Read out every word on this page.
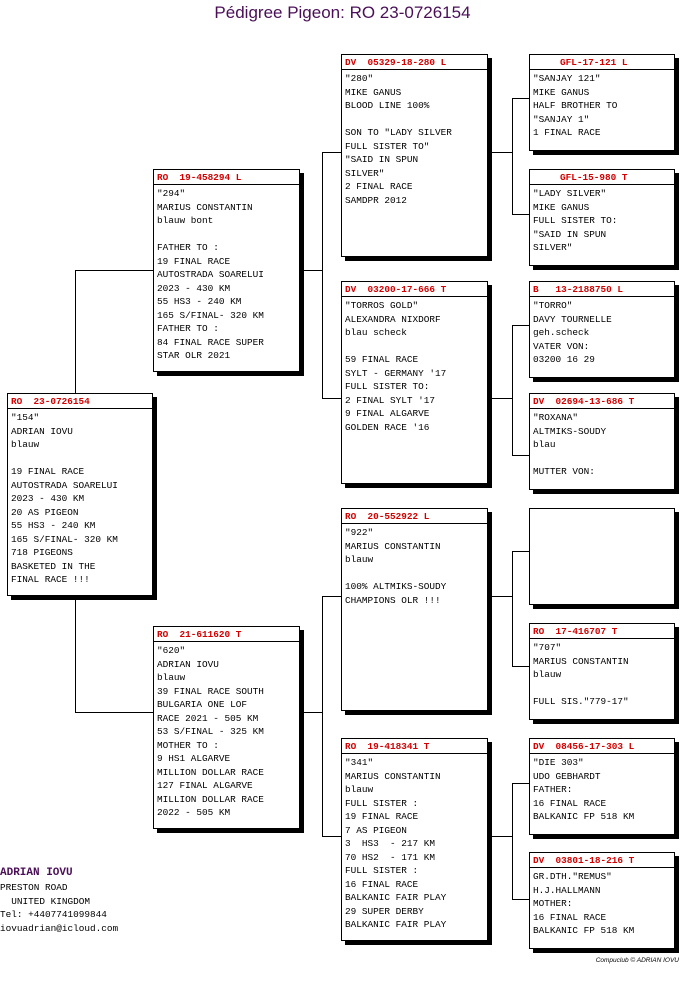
Pédigree Pigeon: RO 23-0726154
RO  23-0726154
"154"
ADRIAN IOVU
blauw

19 FINAL RACE
AUTOSTRADA SOARELUI
2023 - 430 KM
20 AS PIGEON
55 HS3 - 240 KM
165 S/FINAL- 320 KM
718 PIGEONS
BASKETED IN THE
FINAL RACE !!!
RO  19-458294 L
"294"
MARIUS CONSTANTIN
blauw bont

FATHER TO :
19 FINAL RACE
AUTOSTRADA SOARELUI
2023 - 430 KM
55 HS3 - 240 KM
165 S/FINAL- 320 KM
FATHER TO :
84 FINAL RACE SUPER
STAR OLR 2021
RO  21-611620 T
"620"
ADRIAN IOVU
blauw
39 FINAL RACE SOUTH
BULGARIA ONE LOF
RACE 2021 - 505 KM
53 S/FINAL - 325 KM
MOTHER TO :
9 HS1 ALGARVE
MILLION DOLLAR RACE
127 FINAL ALGARVE
MILLION DOLLAR RACE
2022 - 505 KM
DV  05329-18-280 L
"280"
MIKE GANUS
BLOOD LINE 100%

SON TO "LADY SILVER
FULL SISTER TO"
"SAID IN SPUN
SILVER"
2 FINAL RACE
SAMDPR 2012
DV  03200-17-666 T
"TORROS GOLD"
ALEXANDRA NIXDORF
blau scheck

59 FINAL RACE
SYLT - GERMANY '17
FULL SISTER TO:
2 FINAL SYLT '17
9 FINAL ALGARVE
GOLDEN RACE '16
RO  20-552922 L
"922"
MARIUS CONSTANTIN
blauw

100% ALTMIKS-SOUDY
CHAMPIONS OLR !!!
RO  19-418341 T
"341"
MARIUS CONSTANTIN
blauw
FULL SISTER :
19 FINAL RACE
7 AS PIGEON
3  HS3  - 217 KM
70 HS2  - 171 KM
FULL SISTER :
16 FINAL RACE
BALKANIC FAIR PLAY
29 SUPER DERBY
BALKANIC FAIR PLAY
GFL-17-121 L
"SANJAY 121"
MIKE GANUS
HALF BROTHER TO
"SANJAY 1"
1 FINAL RACE
GFL-15-980 T
"LADY SILVER"
MIKE GANUS
FULL SISTER TO:
"SAID IN SPUN
SILVER"
B   13-2188750 L
"TORRO"
DAVY TOURNELLE
geh.scheck
VATER VON:
03200 16 29
DV  02694-13-686 T
"ROXANA"
ALTMIKS-SOUDY
blau

MUTTER VON:
RO  17-416707 T
"707"
MARIUS CONSTANTIN
blauw

FULL SIS."779-17"
DV  08456-17-303 L
"DIE 303"
UDO GEBHARDT
FATHER:
16 FINAL RACE
BALKANIC FP 518 KM
DV  03801-18-216 T
GR.DTH."REMUS"
H.J.HALLMANN
MOTHER:
16 FINAL RACE
BALKANIC FP 518 KM
ADRIAN IOVU
PRESTON ROAD
UNITED KINGDOM
Tel: +4407741099844
iovuadrian@icloud.com
Compuclub © ADRIAN IOVU
